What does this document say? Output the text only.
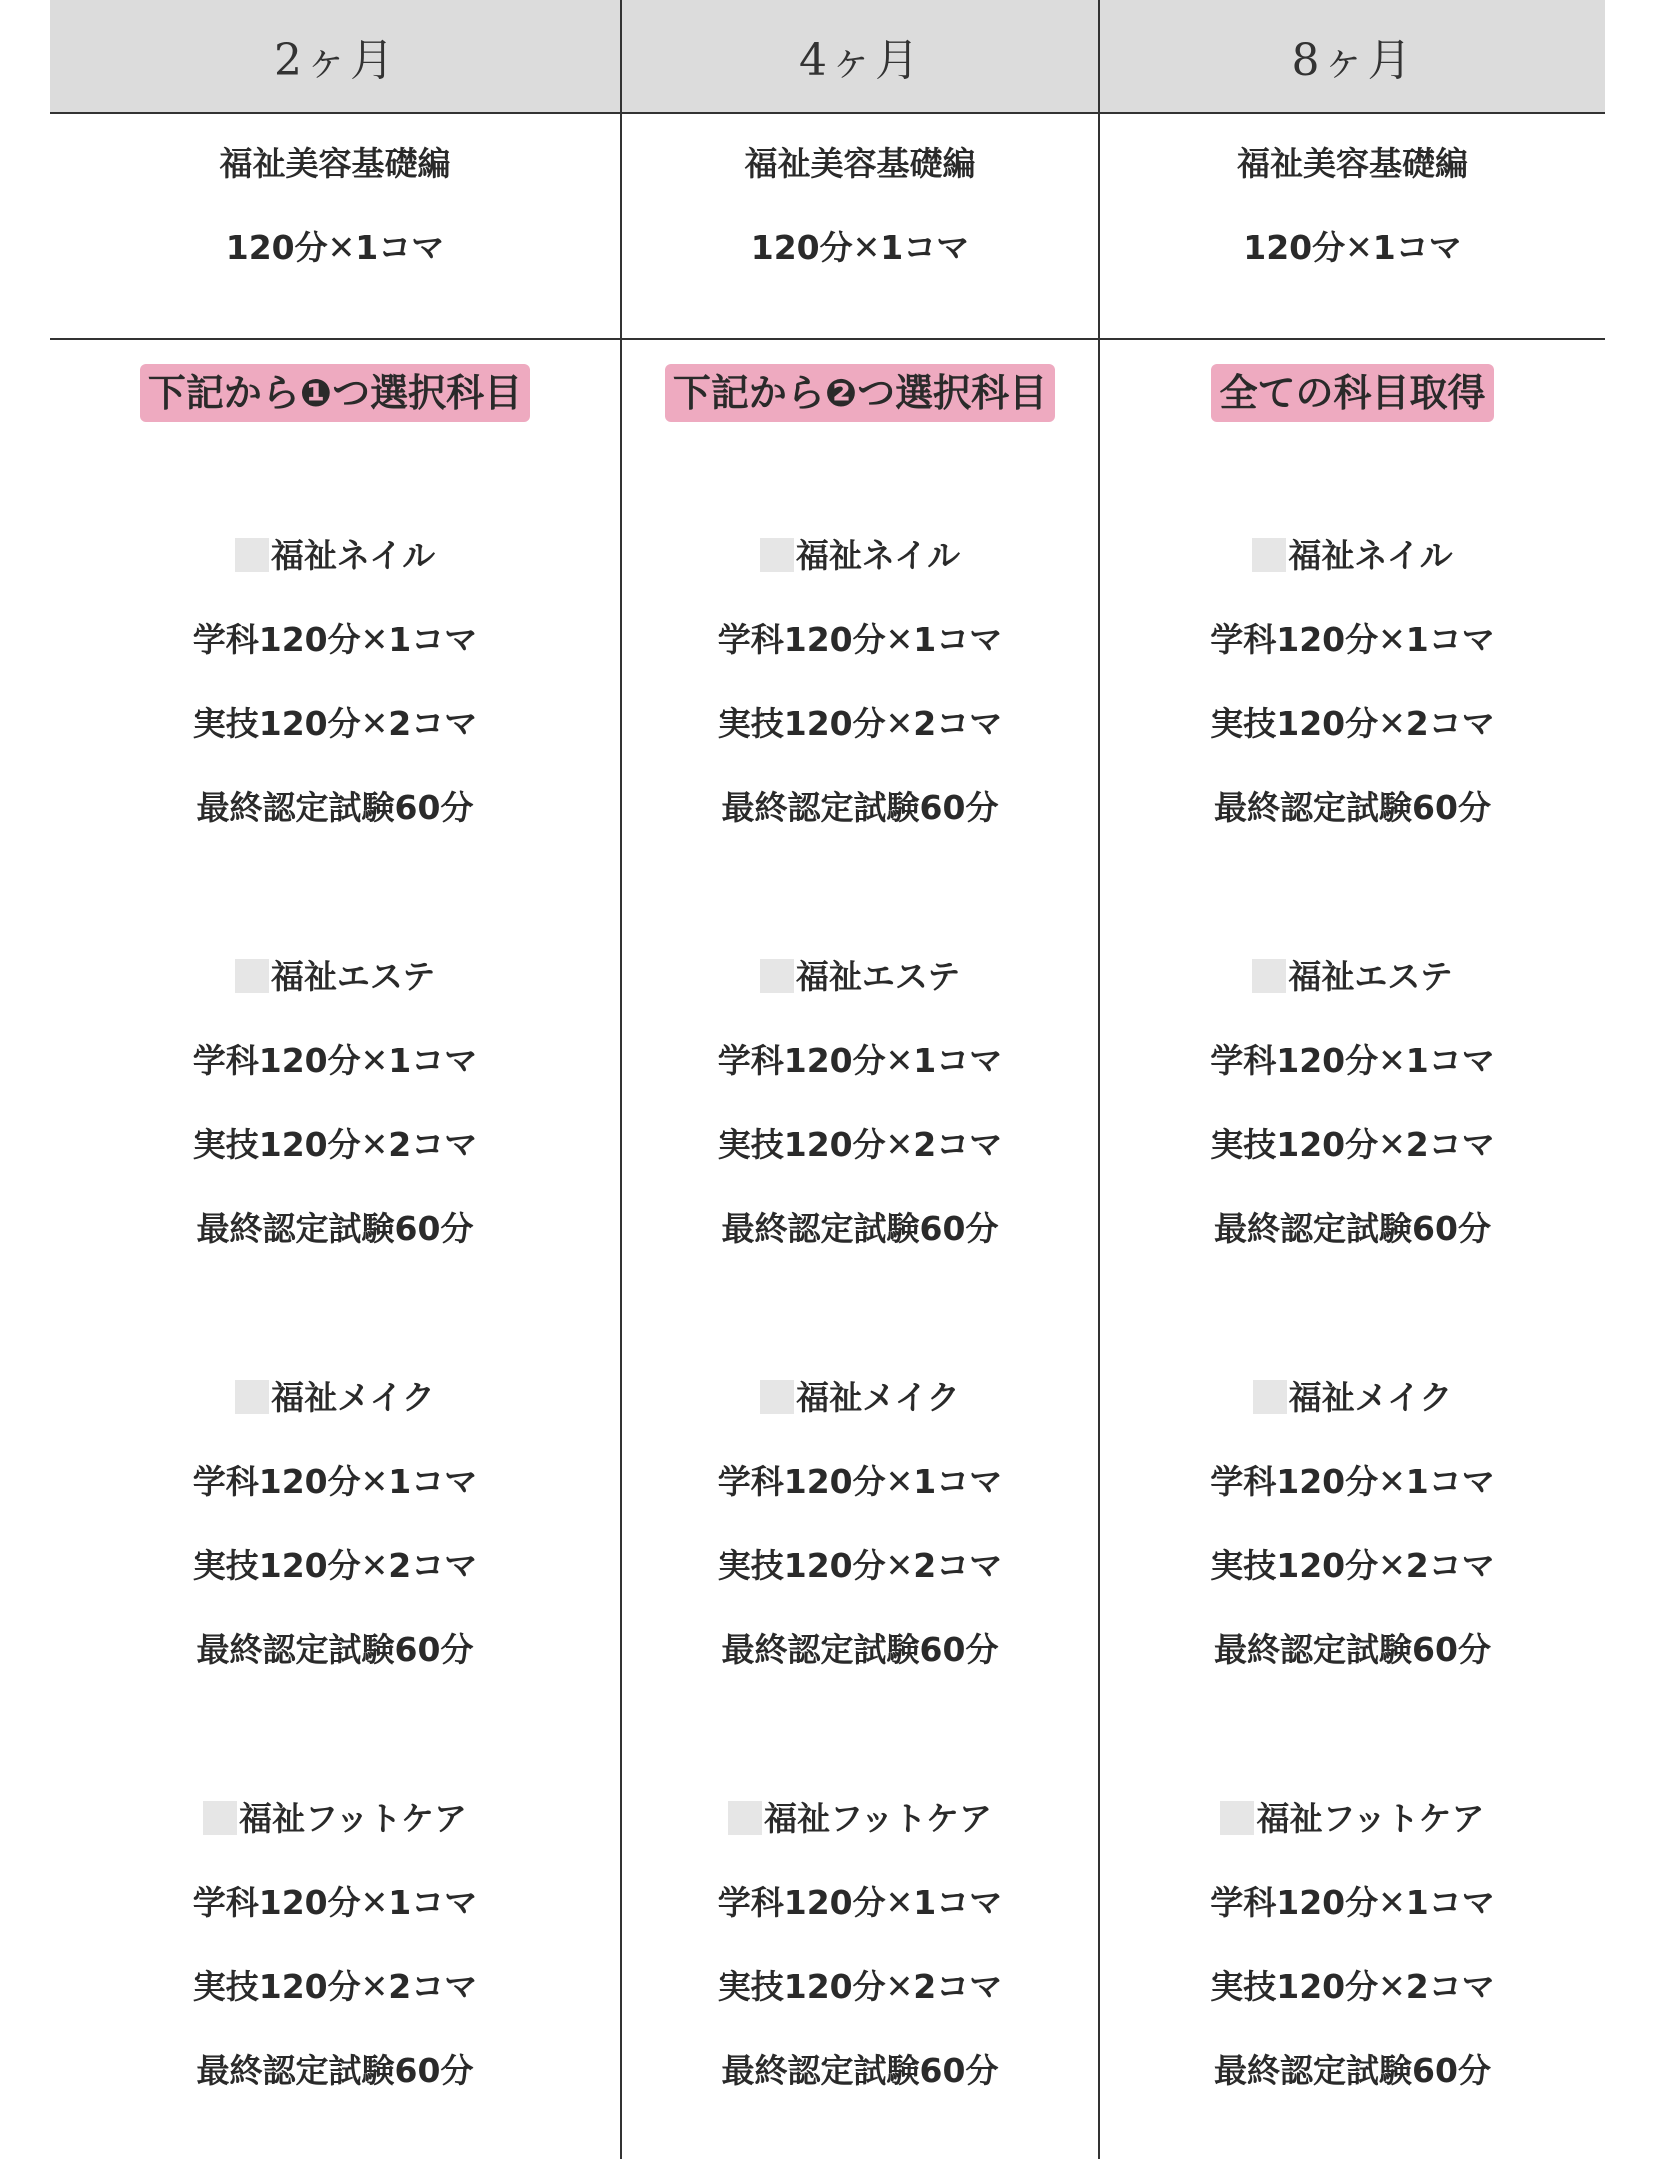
2ヶ月	4ヶ月	8ヶ月
福祉美容基礎編
120分✕1コマ
下記から❶つ選択科目
福祉ネイル
学科120分✕1コマ
実技120分✕2コマ
最終認定試験60分
福祉エステ
学科120分✕1コマ
実技120分✕2コマ
最終認定試験60分
福祉メイク
学科120分✕1コマ
実技120分✕2コマ
最終認定試験60分
福祉フットケア
学科120分✕1コマ
実技120分✕2コマ
最終認定試験60分
福祉美容基礎編
120分✕1コマ
下記から❷つ選択科目
福祉ネイル
学科120分✕1コマ
実技120分✕2コマ
最終認定試験60分
福祉エステ
学科120分✕1コマ
実技120分✕2コマ
最終認定試験60分
福祉メイク
学科120分✕1コマ
実技120分✕2コマ
最終認定試験60分
福祉フットケア
学科120分✕1コマ
実技120分✕2コマ
最終認定試験60分
福祉美容基礎編
120分✕1コマ
全ての科目取得
福祉ネイル
学科120分✕1コマ
実技120分✕2コマ
最終認定試験60分
福祉エステ
学科120分✕1コマ
実技120分✕2コマ
最終認定試験60分
福祉メイク
学科120分✕1コマ
実技120分✕2コマ
最終認定試験60分
福祉フットケア
学科120分✕1コマ
実技120分✕2コマ
最終認定試験60分
